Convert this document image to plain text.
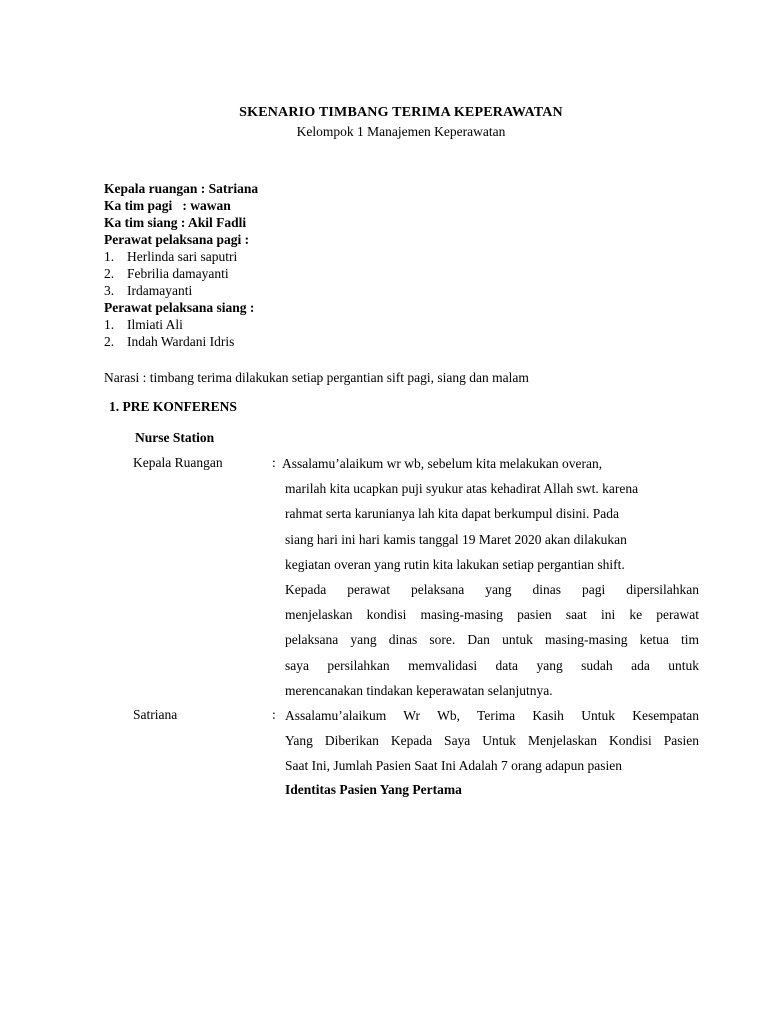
SKENARIO TIMBANG TERIMA KEPERAWATAN
Kelompok 1 Manajemen Keperawatan
Kepala ruangan : Satriana
Ka tim pagi   : wawan
Ka tim siang : Akil Fadli
Perawat pelaksana pagi :
1. Herlinda sari saputri
2. Febrilia damayanti
3. Irdamayanti
Perawat pelaksana siang :
1. Ilmiati Ali
2. Indah Wardani Idris
Narasi : timbang terima dilakukan setiap pergantian sift pagi, siang dan malam
1. PRE KONFERENS
Nurse Station
Kepala Ruangan	: Assalamu’alaikum wr wb, sebelum kita melakukan overan,
marilah kita ucapkan puji syukur atas kehadirat Allah swt. karena
rahmat serta karunianya lah kita dapat berkumpul disini. Pada
siang hari ini hari kamis tanggal 19 Maret 2020 akan dilakukan
kegiatan overan yang rutin kita lakukan setiap pergantian shift.
Kepada perawat pelaksana yang dinas pagi dipersilahkan
menjelaskan kondisi masing-masing pasien saat ini ke perawat
pelaksana yang dinas sore. Dan untuk masing-masing ketua tim
saya persilahkan memvalidasi data yang sudah ada untuk
merencanakan tindakan keperawatan selanjutnya.
Satriana	: Assalamu’alaikum Wr Wb, Terima Kasih Untuk Kesempatan
Yang Diberikan Kepada Saya Untuk Menjelaskan Kondisi Pasien
Saat Ini, Jumlah Pasien Saat Ini Adalah 7 orang adapun pasien
Identitas Pasien Yang Pertama
